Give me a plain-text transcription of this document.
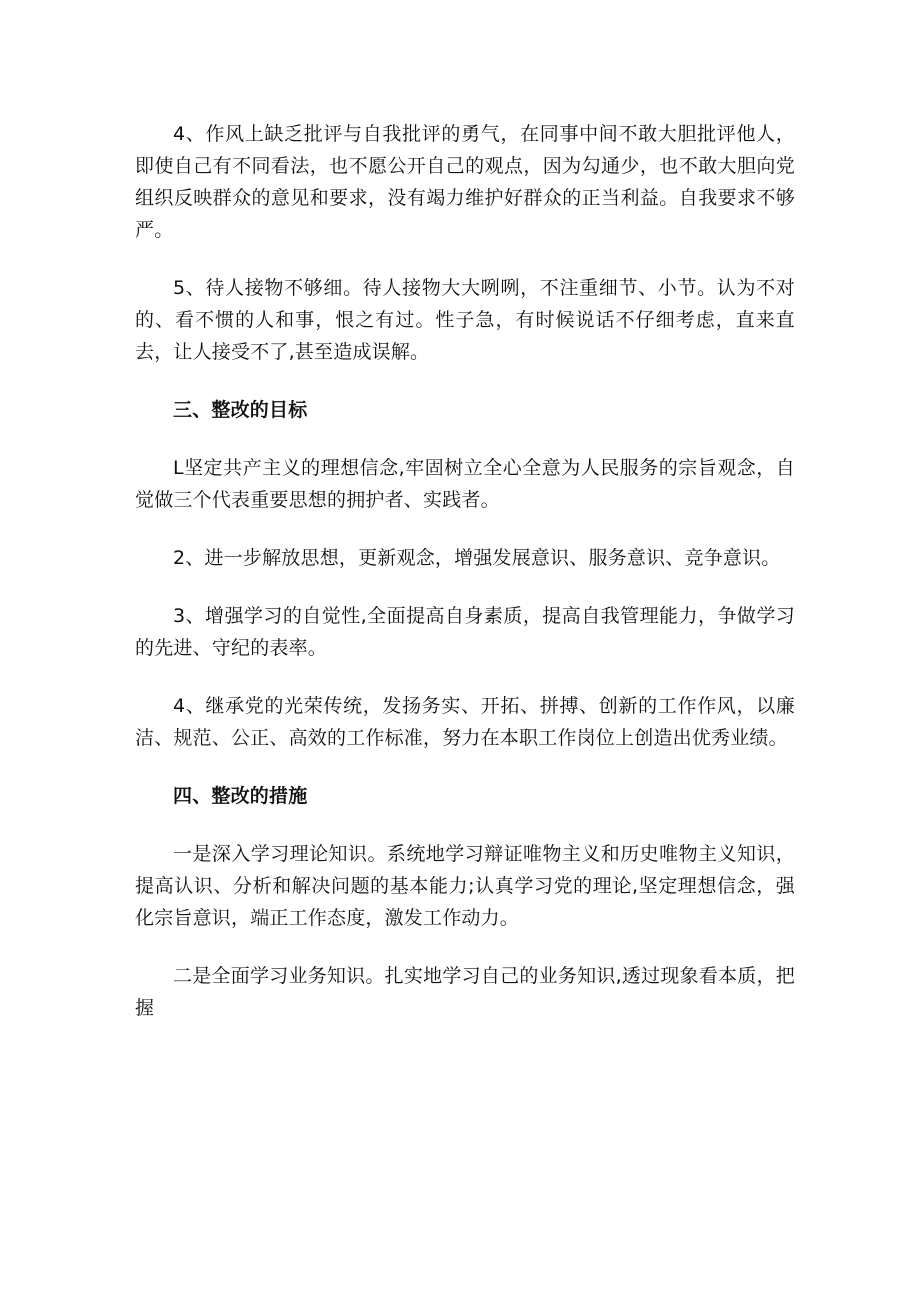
4、作风上缺乏批评与自我批评的勇气，在同事中间不敢大胆批评他人，即使自己有不同看法，也不愿公开自己的观点，因为勾通少，也不敢大胆向党组织反映群众的意见和要求，没有竭力维护好群众的正当利益。自我要求不够严。

5、待人接物不够细。待人接物大大咧咧，不注重细节、小节。认为不对的、看不惯的人和事，恨之有过。性子急，有时候说话不仔细考虑，直来直去，让人接受不了,甚至造成误解。

三、整改的目标

L坚定共产主义的理想信念,牢固树立全心全意为人民服务的宗旨观念，自觉做三个代表重要思想的拥护者、实践者。

2、进一步解放思想，更新观念，增强发展意识、服务意识、竞争意识。

3、增强学习的自觉性,全面提高自身素质，提高自我管理能力，争做学习的先进、守纪的表率。

4、继承党的光荣传统，发扬务实、开拓、拼搏、创新的工作作风，以廉洁、规范、公正、高效的工作标准，努力在本职工作岗位上创造出优秀业绩。

四、整改的措施

一是深入学习理论知识。系统地学习辩证唯物主义和历史唯物主义知识，提高认识、分析和解决问题的基本能力;认真学习党的理论,坚定理想信念，强化宗旨意识，端正工作态度，激发工作动力。

二是全面学习业务知识。扎实地学习自己的业务知识,透过现象看本质，把握
